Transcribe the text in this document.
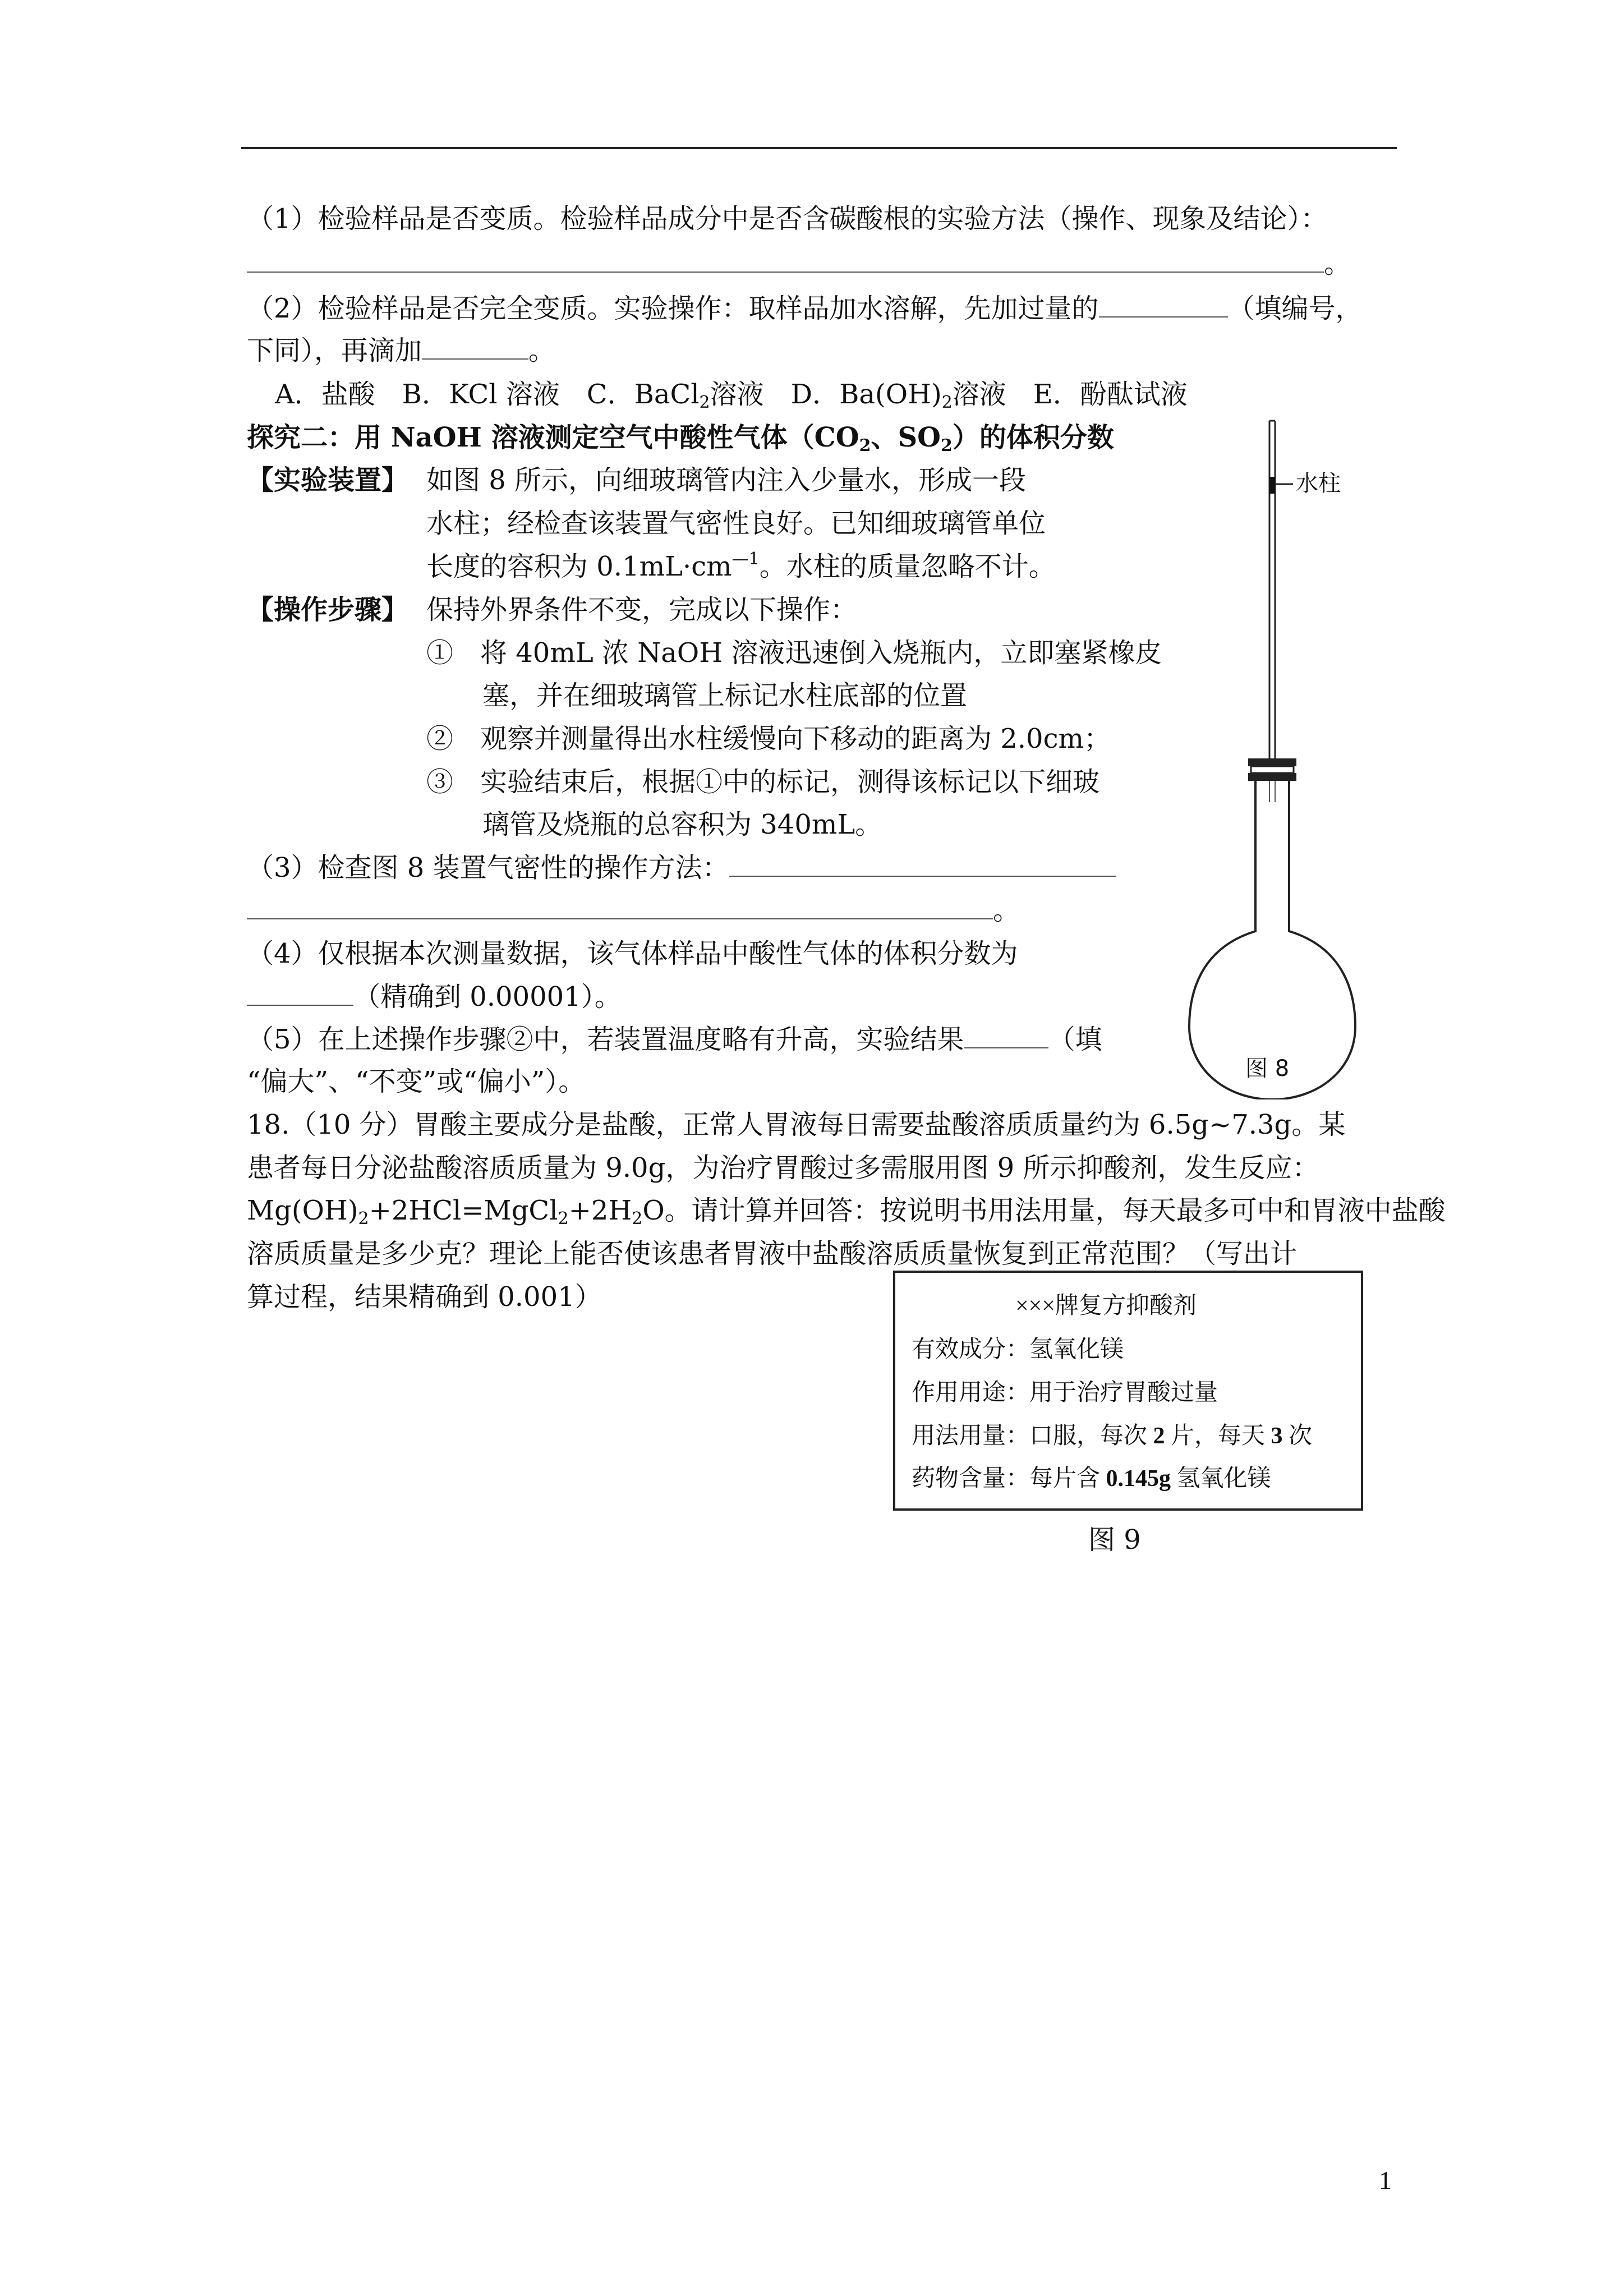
（1）检验样品是否变质。检验样品成分中是否含碳酸根的实验方法（操作、现象及结论）：
。
（2）检验样品是否完全变质。实验操作：取样品加水溶解，先加过量的	（填编号，
下同），再滴加	。
A．盐酸　B．KCl 溶液　C．BaCl$_2$溶液　D．$Ba(OH)_2$溶液　E．酚酞试液
探究二：用 NaOH 溶液测定空气中酸性气体（$CO_2$、$SO_2$）的体积分数
【实验装置】 如图 8 所示，向细玻璃管内注入少量水，形成一段
水柱；经检查该装置气密性良好。已知细玻璃管单位
长度的容积为 $0.1mL\cdot cm^{—1}$。水柱的质量忽略不计。
【操作步骤】 保持外界条件不变，完成以下操作：
①　将 40mL 浓 NaOH 溶液迅速倒入烧瓶内，立即塞紧橡皮
塞，并在细玻璃管上标记水柱底部的位置
②　观察并测量得出水柱缓慢向下移动的距离为 2.0cm；
③　实验结束后，根据①中的标记，测得该标记以下细玻
璃管及烧瓶的总容积为 340mL。
（3）检查图 8 装置气密性的操作方法：
。
（4）仅根据本次测量数据，该气体样品中酸性气体的体积分数为
（精确到 0.00001）。
（5）在上述操作步骤②中，若装置温度略有升高，实验结果	（填
“偏大”、“不变”或“偏小”）。
18.（10 分）胃酸主要成分是盐酸，正常人胃液每日需要盐酸溶质质量约为 6.5g~7.3g。某
患者每日分泌盐酸溶质质量为 9.0g，为治疗胃酸过多需服用图 9 所示抑酸剂，发生反应：
$Mg(OH)_2+2HCl=MgCl_2+2H_2O$。请计算并回答：按说明书用法用量，每天最多可中和胃液中盐酸
溶质质量是多少克？理论上能否使该患者胃液中盐酸溶质质量恢复到正常范围？（写出计
算过程，结果精确到 0.001）
水柱
图 8
×××牌复方抑酸剂
有效成分：氢氧化镁
作用用途：用于治疗胃酸过量
用法用量：口服，每次 2 片，每天 3 次
药物含量：每片含 0.145g 氢氧化镁
图 9
1
